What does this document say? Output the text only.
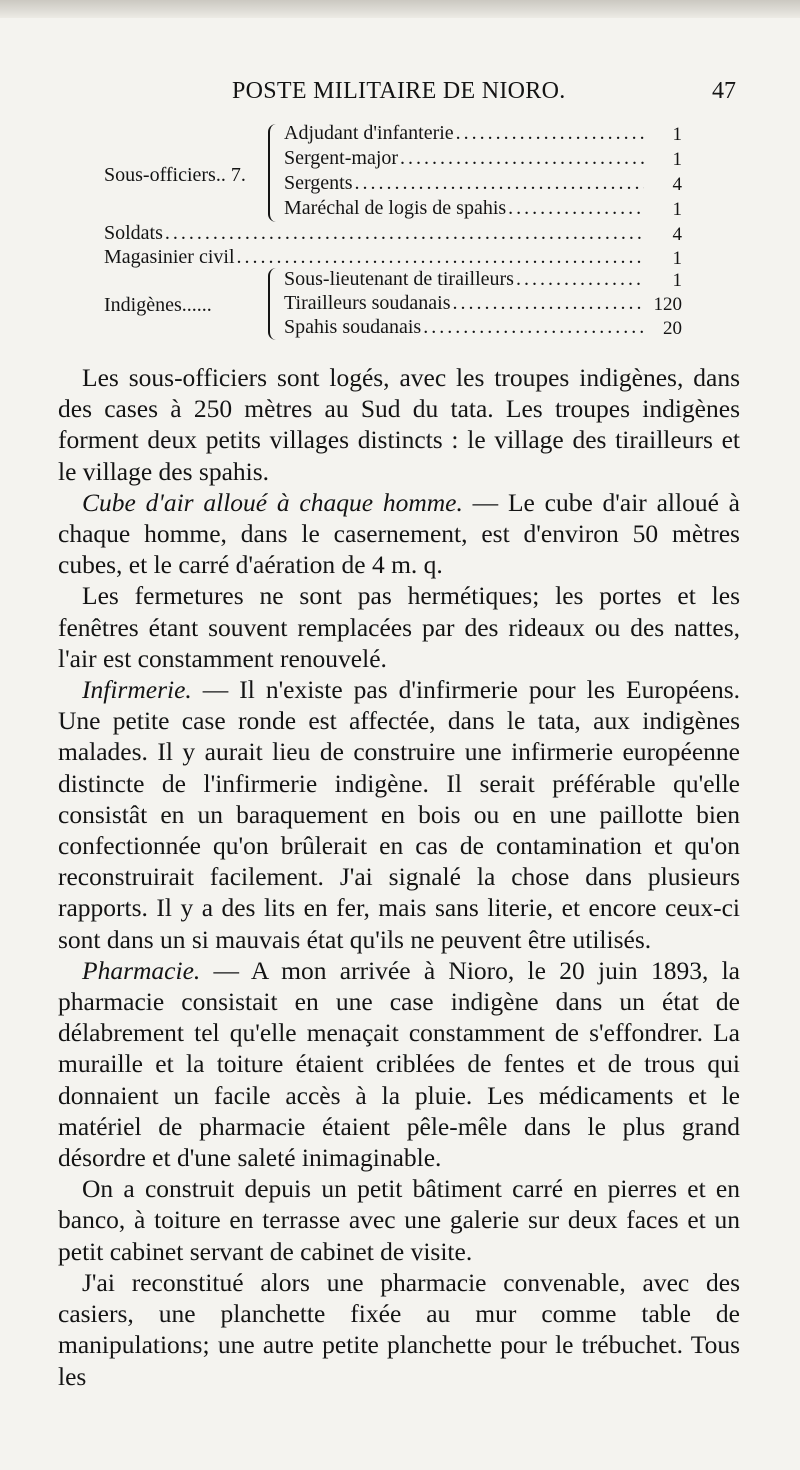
POSTE MILITAIRE DE NIORO.	47
Sous-officiers.. 7.
Adjudant d'infanterie .....	1
Sergent-major .....	1
Sergents .....	4
Maréchal de logis de spahis .....	1
Soldats .....	4
Magasinier civil .....	1
Indigènes......
Sous-lieutenant de tirailleurs .....	1
Tirailleurs soudanais .....	120
Spahis soudanais .....	20

Les sous-officiers sont logés, avec les troupes indigènes, dans des cases à 250 mètres au Sud du tata. Les troupes indigènes forment deux petits villages distincts : le village des tirailleurs et le village des spahis.

Cube d'air alloué à chaque homme. — Le cube d'air alloué à chaque homme, dans le casernement, est d'environ 50 mètres cubes, et le carré d'aération de 4 m. q.

Les fermetures ne sont pas hermétiques; les portes et les fenêtres étant souvent remplacées par des rideaux ou des nattes, l'air est constamment renouvelé.

Infirmerie. — Il n'existe pas d'infirmerie pour les Européens. Une petite case ronde est affectée, dans le tata, aux indigènes malades. Il y aurait lieu de construire une infirmerie européenne distincte de l'infirmerie indigène. Il serait préférable qu'elle consistât en un baraquement en bois ou en une paillotte bien confectionnée qu'on brûlerait en cas de contamination et qu'on reconstruirait facilement. J'ai signalé la chose dans plusieurs rapports. Il y a des lits en fer, mais sans literie, et encore ceux-ci sont dans un si mauvais état qu'ils ne peuvent être utilisés.

Pharmacie. — A mon arrivée à Nioro, le 20 juin 1893, la pharmacie consistait en une case indigène dans un état de délabrement tel qu'elle menaçait constamment de s'effondrer. La muraille et la toiture étaient criblées de fentes et de trous qui donnaient un facile accès à la pluie. Les médicaments et le matériel de pharmacie étaient pêle-mêle dans le plus grand désordre et d'une saleté inimaginable.

On a construit depuis un petit bâtiment carré en pierres et en banco, à toiture en terrasse avec une galerie sur deux faces et un petit cabinet servant de cabinet de visite.

J'ai reconstitué alors une pharmacie convenable, avec des casiers, une planchette fixée au mur comme table de manipulations; une autre petite planchette pour le trébuchet. Tous les
